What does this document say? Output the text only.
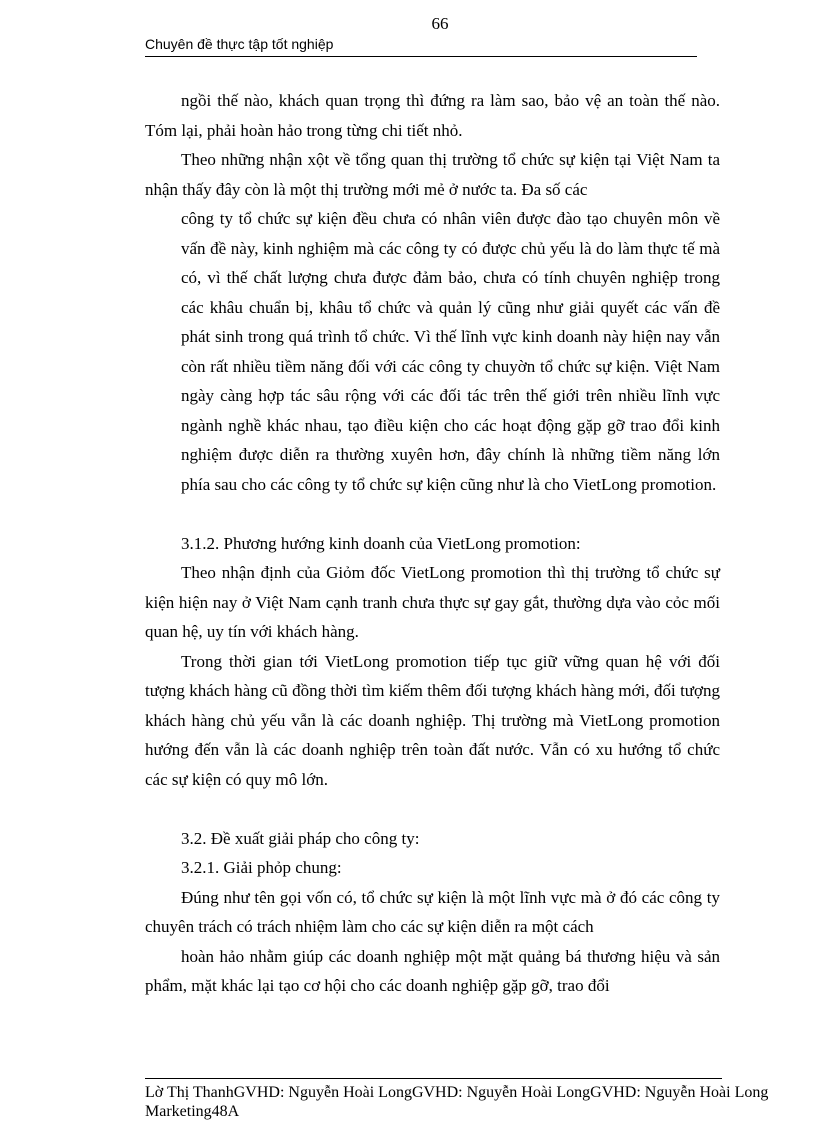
66
Chuyên đề thực tập tốt nghiệp

ngồi thế nào, khách quan trọng thì đứng ra làm sao, bảo vệ an toàn thế nào. Tóm lại, phải hoàn hảo trong từng chi tiết nhỏ.

Theo những nhận xột về tổng quan thị trường tổ chức sự kiện tại Việt Nam ta nhận thấy đây còn là một thị trường mới mẻ ở nước ta. Đa số các

công ty tổ chức sự kiện đều chưa có nhân viên được đào tạo chuyên môn về vấn đề này, kinh nghiệm mà các công ty có được chủ yếu là do làm thực tế mà có, vì thế chất lượng chưa được đảm bảo, chưa có tính chuyên nghiệp trong các khâu chuẩn bị, khâu tổ chức và quản lý cũng như giải quyết các vấn đề phát sinh trong quá trình tổ chức. Vì thế lĩnh vực kinh doanh này hiện nay vẫn còn rất nhiều tiềm năng đối với các công ty chuyờn tổ chức sự kiện. Việt Nam ngày càng hợp tác sâu rộng với các đối tác trên thế giới trên nhiều lĩnh vực ngành nghề khác nhau, tạo điều kiện cho các hoạt động gặp gỡ trao đổi kinh nghiệm được diễn ra thường xuyên hơn, đây chính là những tiềm năng lớn phía sau cho các công ty tổ chức sự kiện cũng như là cho VietLong promotion.

3.1.2. Phương hướng kinh doanh của VietLong promotion:

Theo nhận định của Giỏm đốc VietLong promotion thì thị trường tổ chức sự kiện hiện nay ở Việt Nam cạnh tranh chưa thực sự gay gắt, thường dựa vào cỏc mối quan hệ, uy tín với khách hàng.

Trong thời gian tới VietLong promotion tiếp tục giữ vững quan hệ với đối tượng khách hàng cũ đồng thời tìm kiếm thêm đối tượng khách hàng mới, đối tượng khách hàng chủ yếu vẫn là các doanh nghiệp. Thị trường mà VietLong promotion hướng đến vẫn là các doanh nghiệp trên toàn đất nước. Vẫn có xu hướng tổ chức các sự kiện có quy mô lớn.

3.2. Đề xuất giải pháp cho công ty:

3.2.1. Giải phỏp chung:

Đúng như tên gọi vốn có, tổ chức sự kiện là một lĩnh vực mà ở đó các công ty chuyên trách có trách nhiệm làm cho các sự kiện diễn ra một cách

hoàn hảo nhằm giúp các doanh nghiệp một mặt quảng bá thương hiệu và sản phẩm, mặt khác lại tạo cơ hội cho các doanh nghiệp gặp gỡ, trao đổi

Lờ Thị ThanhGVHD: Nguyễn Hoài LongGVHD: Nguyễn Hoài LongGVHD: Nguyễn Hoài Long
Marketing48A
